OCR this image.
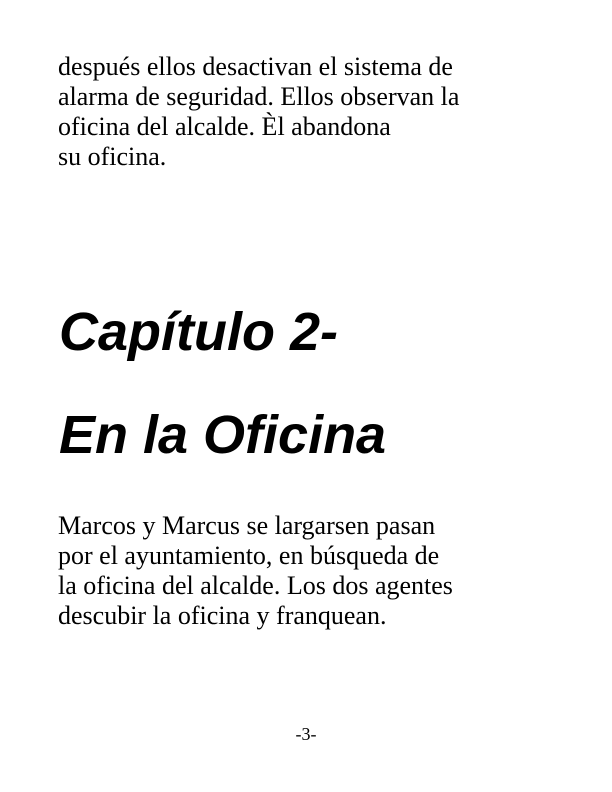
después ellos desactivan el sistema de
alarma de seguridad. Ellos observan la
oficina del alcalde. Èl abandona
su oficina.

Capítulo 2-
En la Oficina

Marcos y Marcus se largarsen pasan
por el ayuntamiento, en búsqueda de
la oficina del alcalde. Los dos agentes
descubir la oficina y franquean.

-3-
